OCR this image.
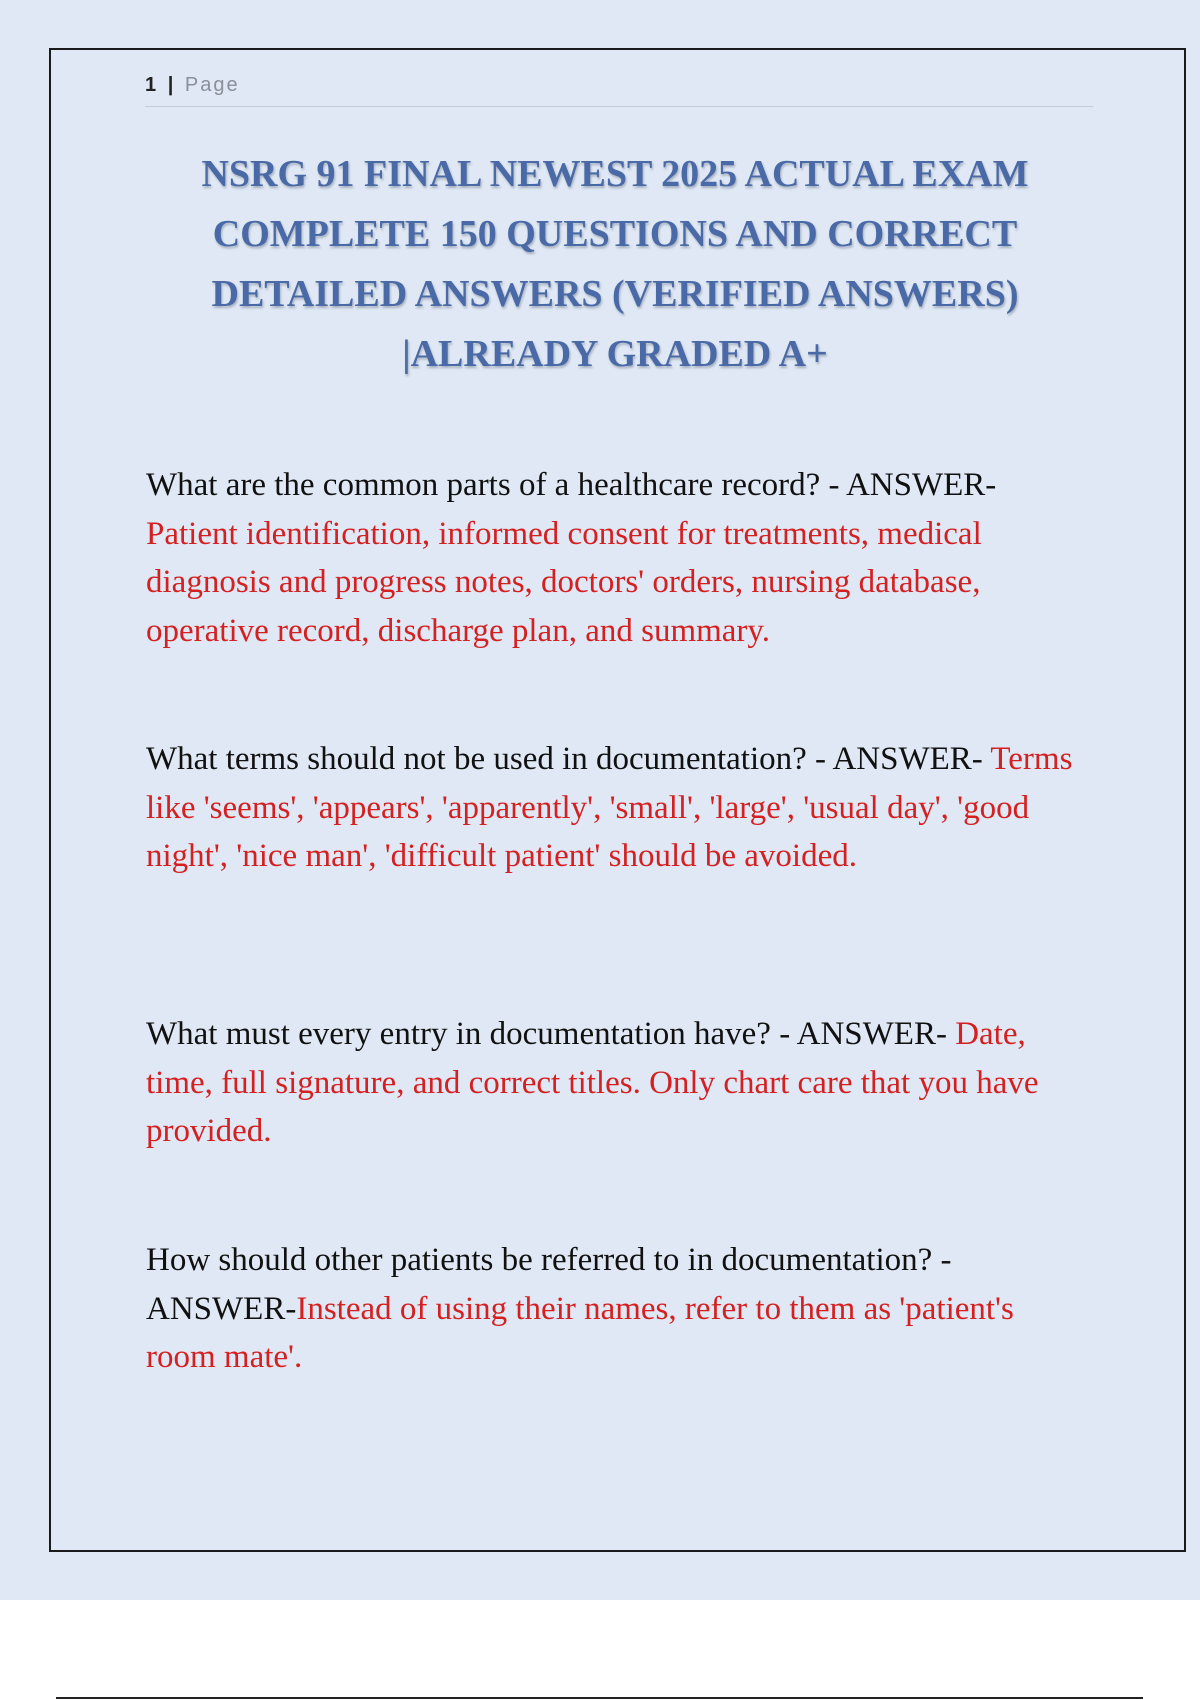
1 | Page
NSRG 91 FINAL NEWEST 2025 ACTUAL EXAM COMPLETE 150 QUESTIONS AND CORRECT DETAILED ANSWERS (VERIFIED ANSWERS) |ALREADY GRADED A+
What are the common parts of a healthcare record? - ANSWER- Patient identification, informed consent for treatments, medical diagnosis and progress notes, doctors' orders, nursing database, operative record, discharge plan, and summary.
What terms should not be used in documentation? - ANSWER- Terms like 'seems', 'appears', 'apparently', 'small', 'large', 'usual day', 'good night', 'nice man', 'difficult patient' should be avoided.
What must every entry in documentation have? - ANSWER- Date, time, full signature, and correct titles. Only chart care that you have provided.
How should other patients be referred to in documentation? - ANSWER-Instead of using their names, refer to them as 'patient's room mate'.
